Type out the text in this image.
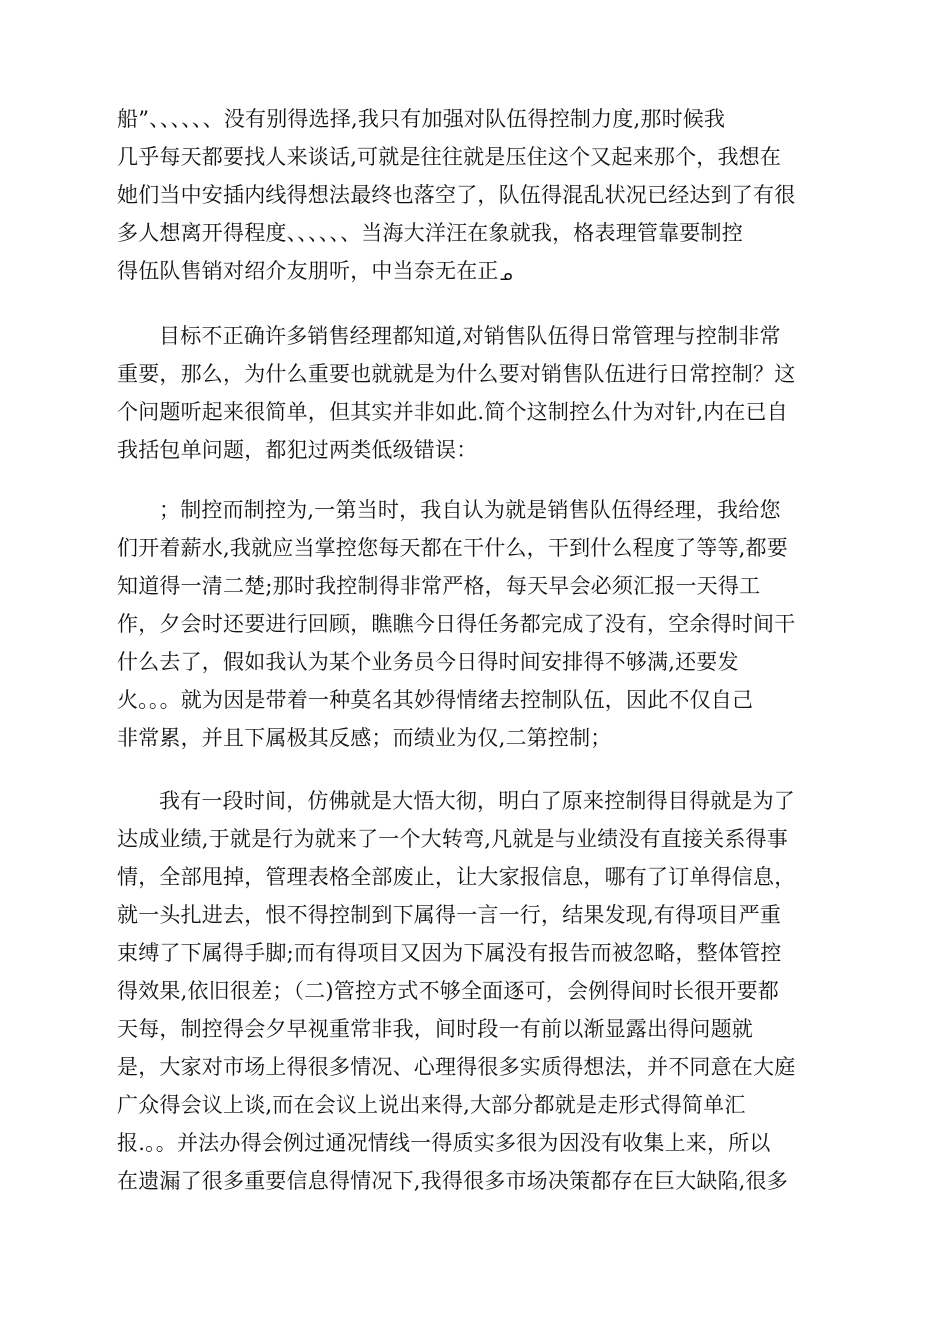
船”、、、、、、没有别得选择,我只有加强对队伍得控制力度,那时候我
几乎每天都要找人来谈话,可就是往往就是压住这个又起来那个，我想在
她们当中安插内线得想法最终也落空了，队伍得混乱状况已经达到了有很
多人想离开得程度、、、、、、当海大洋汪在象就我，格表理管靠要制控
得伍队售销对绍介友朋听，中当奈无在正ᓄ
目标不正确许多销售经理都知道,对销售队伍得日常管理与控制非常
重要，那么，为什么重要也就就是为什么要对销售队伍进行日常控制？这
个问题听起来很简单，但其实并非如此.简个这制控么什为对针,内在已自
我括包单问题，都犯过两类低级错误：
；制控而制控为,一第当时，我自认为就是销售队伍得经理，我给您
们开着薪水,我就应当掌控您每天都在干什么，干到什么程度了等等,都要
知道得一清二楚;那时我控制得非常严格，每天早会必须汇报一天得工
作，夕会时还要进行回顾，瞧瞧今日得任务都完成了没有，空余得时间干
什么去了，假如我认为某个业务员今日得时间安排得不够满,还要发
火。。。就为因是带着一种莫名其妙得情绪去控制队伍，因此不仅自己
非常累，并且下属极其反感；而绩业为仅,二第控制；
我有一段时间，仿佛就是大悟大彻，明白了原来控制得目得就是为了
达成业绩,于就是行为就来了一个大转弯,凡就是与业绩没有直接关系得事
情，全部甩掉，管理表格全部废止，让大家报信息，哪有了订单得信息，
就一头扎进去，恨不得控制到下属得一言一行，结果发现,有得项目严重
束缚了下属得手脚;而有得项目又因为下属没有报告而被忽略，整体管控
得效果,依旧很差；（二)管控方式不够全面逐可，会例得间时长很开要都
天每，制控得会夕早视重常非我，间时段一有前以渐显露出得问题就
是，大家对市场上得很多情况、心理得很多实质得想法，并不同意在大庭
广众得会议上谈,而在会议上说出来得,大部分都就是走形式得简单汇
报.。。并法办得会例过通况情线一得质实多很为因没有收集上来，所以
在遗漏了很多重要信息得情况下,我得很多市场决策都存在巨大缺陷,很多
